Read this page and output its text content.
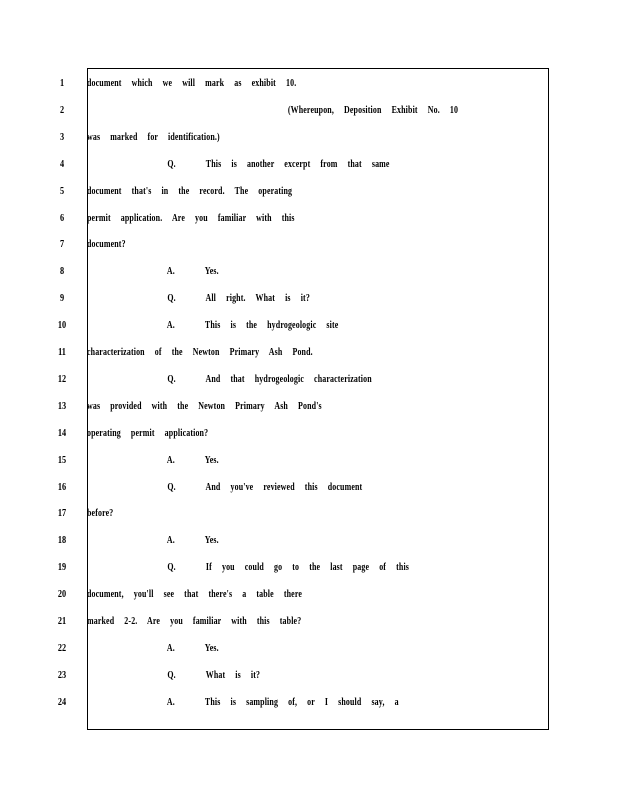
1	document which we will mark as exhibit 10.
2	(Whereupon, Deposition Exhibit No. 10
3	was marked for identification.)
4	Q.   This is another excerpt from that same
5	document that's in the record. The operating
6	permit application. Are you familiar with this
7	document?
8	A.   Yes.
9	Q.   All right. What is it?
10 A.   This is the hydrogeologic site
11 characterization of the Newton Primary Ash Pond.
12 Q.   And that hydrogeologic characterization
13 was provided with the Newton Primary Ash Pond's
14 operating permit application?
15 A.   Yes.
16 Q.   And you've reviewed this document
17 before?
18 A.   Yes.
19 Q.   If you could go to the last page of this
20 document, you'll see that there's a table there
21 marked 2-2. Are you familiar with this table?
22 A.   Yes.
23 Q.   What is it?
24 A.   This is sampling of, or I should say, a
